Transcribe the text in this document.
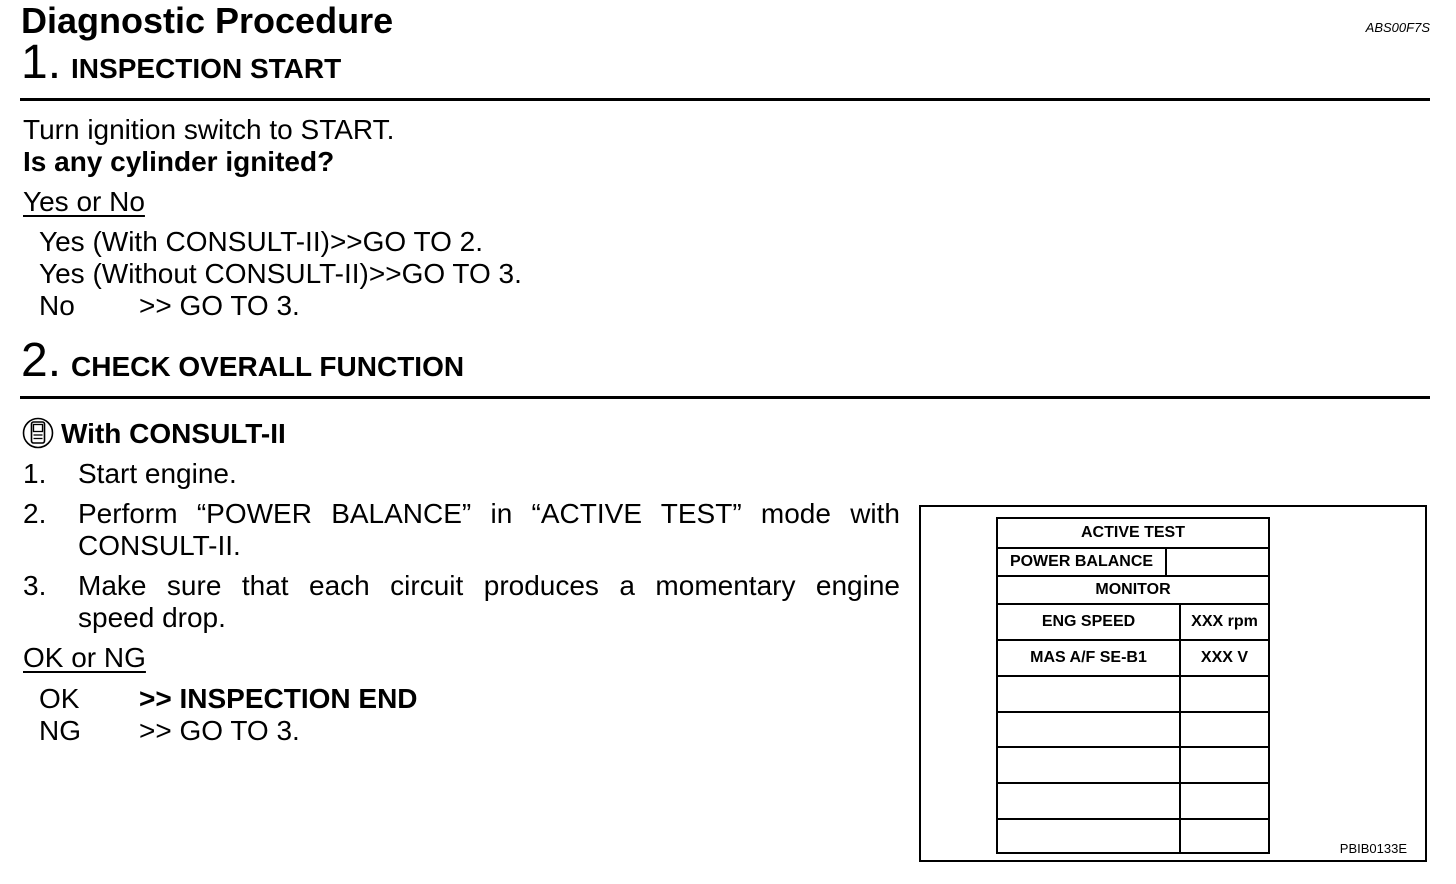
Diagnostic Procedure	ABS00F7S
1. INSPECTION START
Turn ignition switch to START.
Is any cylinder ignited?
Yes or No
Yes (With CONSULT-II)>>GO TO 2.
Yes (Without CONSULT-II)>>GO TO 3.
No >> GO TO 3.
2. CHECK OVERALL FUNCTION
With CONSULT-II
1. Start engine.
2.	Perform “POWER BALANCE” in “ACTIVE TEST” mode with
CONSULT-II.
3.	Make sure that each circuit produces a momentary engine
speed drop.
OK or NG
OK >> INSPECTION END
NG >> GO TO 3.
ACTIVE TEST
POWER BALANCE
MONITOR
ENG SPEED	XXX rpm
MAS A/F SE-B1	XXX V
PBIB0133E
